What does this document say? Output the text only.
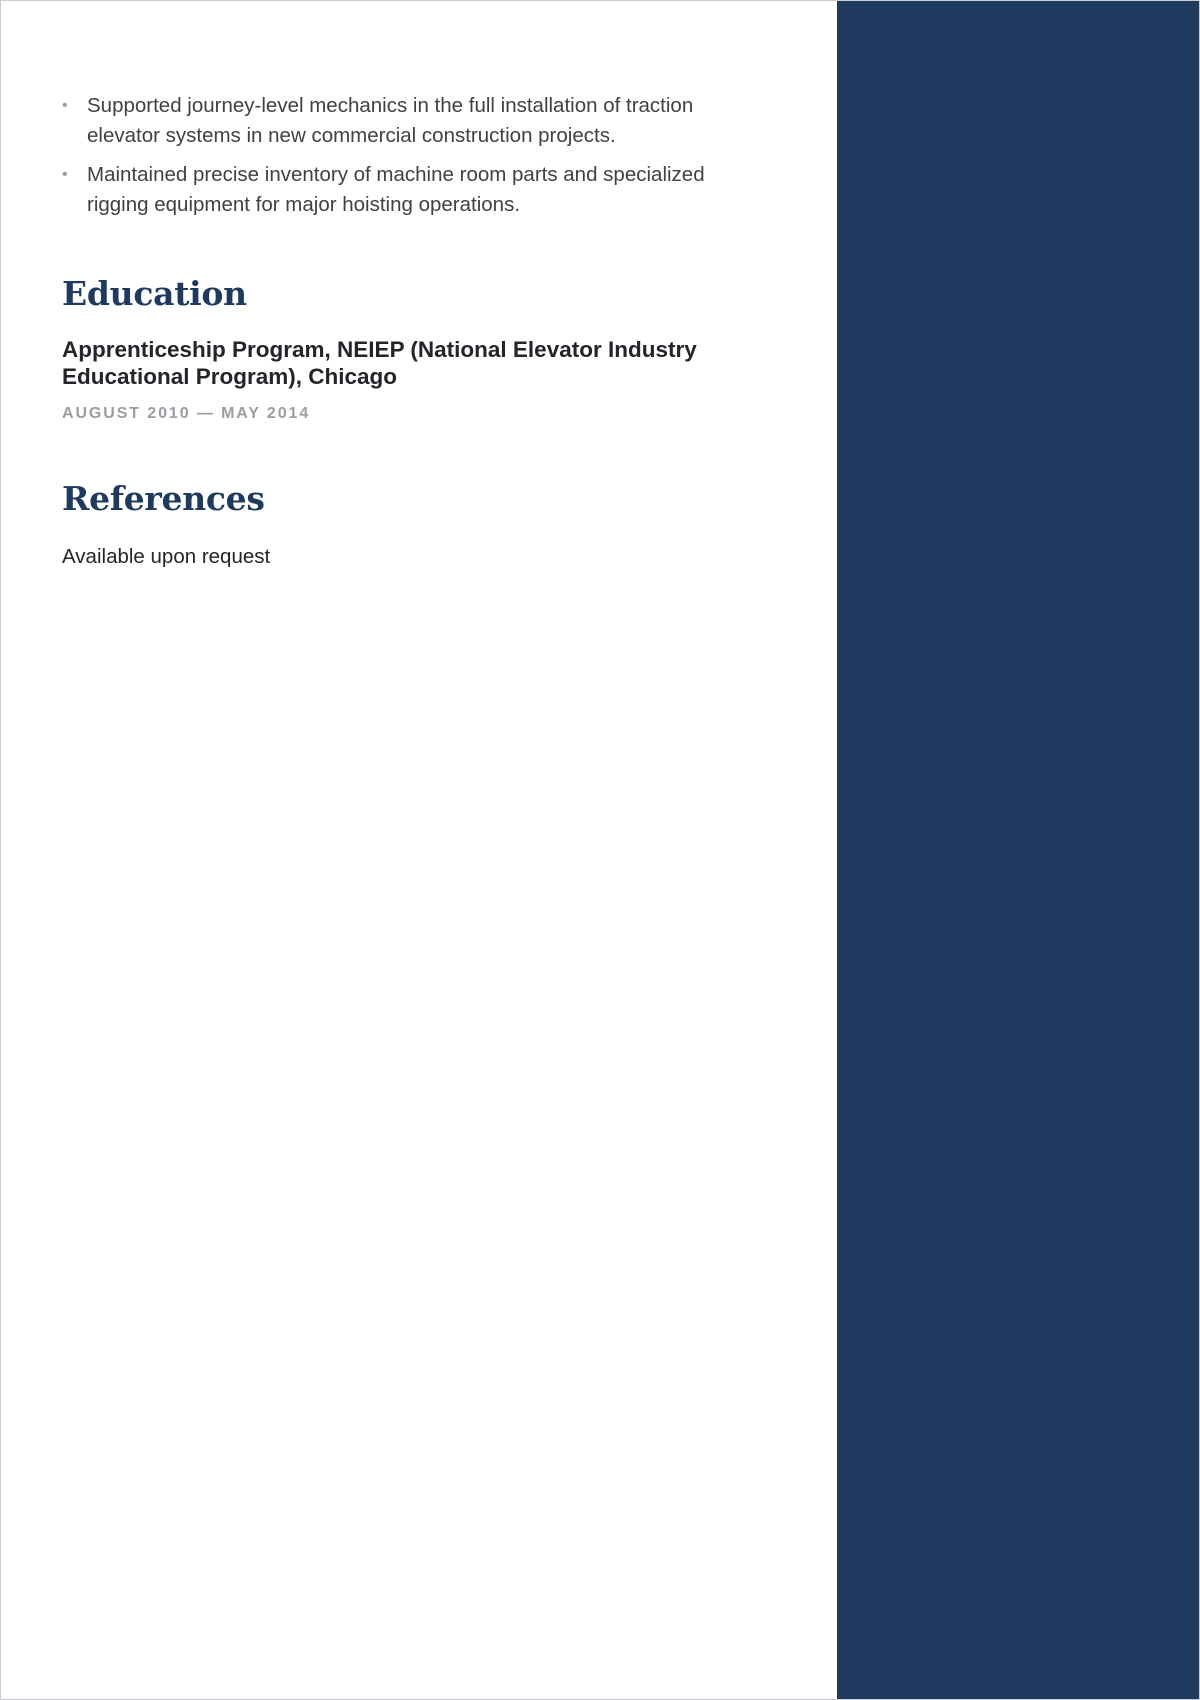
• Supported journey-level mechanics in the full installation of traction elevator systems in new commercial construction projects.
• Maintained precise inventory of machine room parts and specialized rigging equipment for major hoisting operations.
Education
Apprenticeship Program, NEIEP (National Elevator Industry Educational Program), Chicago
AUGUST 2010 — MAY 2014
References
Available upon request
